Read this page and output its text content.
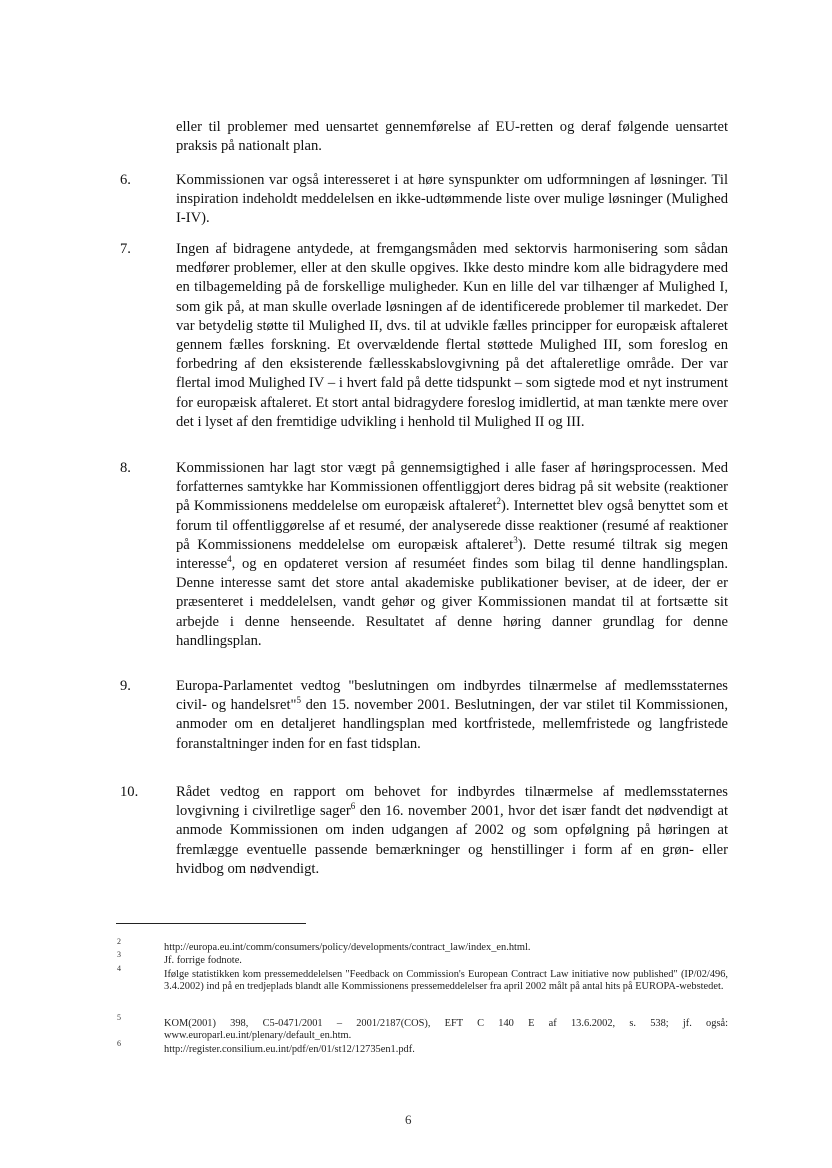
eller til problemer med uensartet gennemførelse af EU-retten og deraf følgende uensartet praksis på nationalt plan.
6.	Kommissionen var også interesseret i at høre synspunkter om udformningen af løsninger. Til inspiration indeholdt meddelelsen en ikke-udtømmende liste over mulige løsninger (Mulighed I-IV).
7.	Ingen af bidragene antydede, at fremgangsmåden med sektorvis harmonisering som sådan medfører problemer, eller at den skulle opgives. Ikke desto mindre kom alle bidragydere med en tilbagemelding på de forskellige muligheder. Kun en lille del var tilhænger af Mulighed I, som gik på, at man skulle overlade løsningen af de identificerede problemer til markedet. Der var betydelig støtte til Mulighed II, dvs. til at udvikle fælles principper for europæisk aftaleret gennem fælles forskning. Et overvældende flertal støttede Mulighed III, som foreslog en forbedring af den eksisterende fællesskabslovgivning på det aftaleretlige område. Der var flertal imod Mulighed IV – i hvert fald på dette tidspunkt – som sigtede mod et nyt instrument for europæisk aftaleret. Et stort antal bidragydere foreslog imidlertid, at man tænkte mere over det i lyset af den fremtidige udvikling i henhold til Mulighed II og III.
8.	Kommissionen har lagt stor vægt på gennemsigtighed i alle faser af høringsprocessen. Med forfatternes samtykke har Kommissionen offentliggjort deres bidrag på sit website (reaktioner på Kommissionens meddelelse om europæisk aftaleret$^2$). Internettet blev også benyttet som et forum til offentliggørelse af et resumé, der analyserede disse reaktioner (resumé af reaktioner på Kommissionens meddelelse om europæisk aftaleret$^3$). Dette resumé tiltrak sig megen interesse$^4$, og en opdateret version af resuméet findes som bilag til denne handlingsplan. Denne interesse samt det store antal akademiske publikationer beviser, at de ideer, der er præsenteret i meddelelsen, vandt gehør og giver Kommissionen mandat til at fortsætte sit arbejde i denne henseende. Resultatet af denne høring danner grundlag for denne handlingsplan.
9.	Europa-Parlamentet vedtog "beslutningen om indbyrdes tilnærmelse af medlemsstaternes civil- og handelsret"$^5$ den 15. november 2001. Beslutningen, der var stilet til Kommissionen, anmoder om en detaljeret handlingsplan med kortfristede, mellemfristede og langfristede foranstaltninger inden for en fast tidsplan.
10.	Rådet vedtog en rapport om behovet for indbyrdes tilnærmelse af medlemsstaternes lovgivning i civilretlige sager$^6$ den 16. november 2001, hvor det især fandt det nødvendigt at anmode Kommissionen om inden udgangen af 2002 og som opfølgning på høringen at fremlægge eventuelle passende bemærkninger og henstillinger i form af en grøn- eller hvidbog om nødvendigt.
2
http://europa.eu.int/comm/consumers/policy/developments/contract_law/index_en.html.
3
Jf. forrige fodnote.
4
Ifølge statistikken kom pressemeddelelsen "Feedback on Commission's European Contract Law initiative now published" (IP/02/496, 3.4.2002) ind på en tredjeplads blandt alle Kommissionens pressemeddelelser fra april 2002 målt på antal hits på EUROPA-webstedet.
5
KOM(2001) 398, C5-0471/2001 – 2001/2187(COS), EFT C 140 E af 13.6.2002, s. 538; jf. også: www.europarl.eu.int/plenary/default_en.htm.
6
http://register.consilium.eu.int/pdf/en/01/st12/12735en1.pdf.
6
